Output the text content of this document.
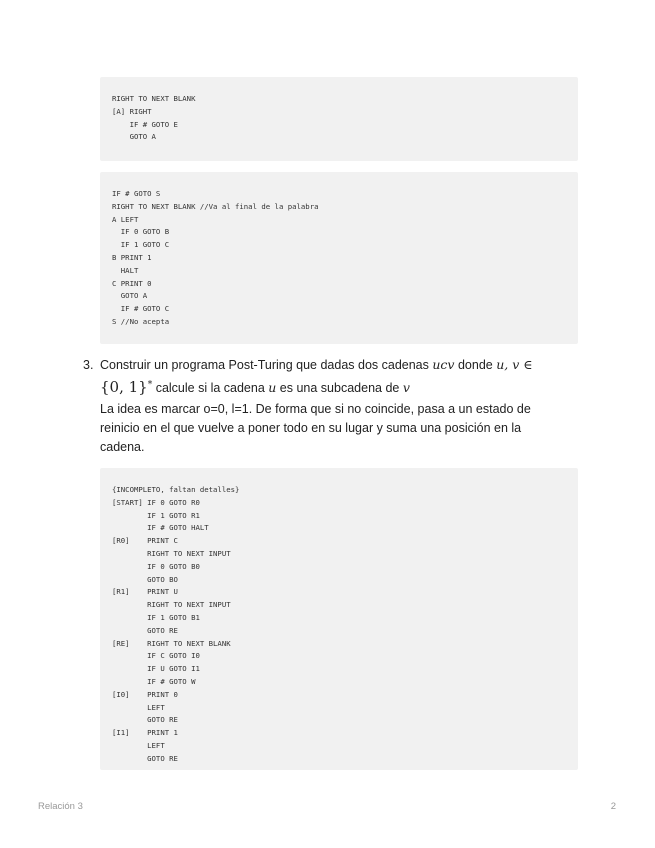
RIGHT TO NEXT BLANK
[A] RIGHT
IF # GOTO E
GOTO A
IF # GOTO S
RIGHT TO NEXT BLANK //Va al final de la palabra
A LEFT
IF 0 GOTO B
IF 1 GOTO C
B PRINT 1
HALT
C PRINT 0
GOTO A
IF # GOTO C
S //No acepta
3. Construir un programa Post-Turing que dadas dos cadenas ucv donde u, v ∈
{0, 1}* calcule si la cadena u es una subcadena de v
La idea es marcar o=0, l=1. De forma que si no coincide, pasa a un estado de reinicio en el que vuelve a poner todo en su lugar y suma una posición en la cadena.
{INCOMPLETO, faltan detalles}
[START] IF 0 GOTO R0
IF 1 GOTO R1
IF # GOTO HALT
[R0]    PRINT C
RIGHT TO NEXT INPUT
IF 0 GOTO B0
GOTO BO
[R1]    PRINT U
RIGHT TO NEXT INPUT
IF 1 GOTO B1
GOTO RE
[RE]    RIGHT TO NEXT BLANK
IF C GOTO I0
IF U GOTO I1
IF # GOTO W
[I0]    PRINT 0
LEFT
GOTO RE
[I1]    PRINT 1
LEFT
GOTO RE
Relación 3	2
